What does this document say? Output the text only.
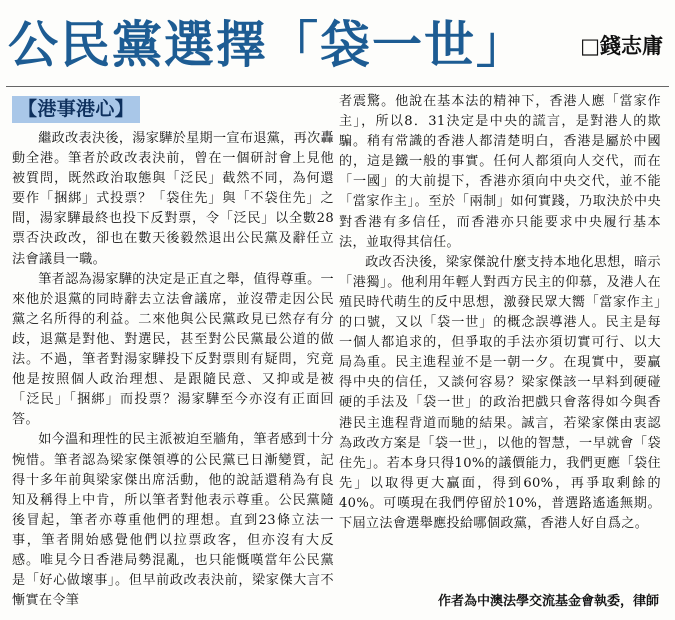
公民黨選擇「袋一世」 □錢志庸
【港事港心】

繼政改表決後，湯家驊於星期一宣布退黨，再次轟動全港。筆者於政改表決前，曾在一個研討會上見他被質問，既然政治取態與「泛民」截然不同，為何還要作「捆綁」式投票？「袋住先」與「不袋住先」之間，湯家驊最終也投下反對票，令「泛民」以全數28票否決政改，卻也在數天後毅然退出公民黨及辭任立法會議員一職。

筆者認為湯家驊的決定是正直之舉，值得尊重。一來他於退黨的同時辭去立法會議席，並沒帶走因公民黨之名所得的利益。二來他與公民黨政見已然存有分歧，退黨是對他、對選民，甚至對公民黨最公道的做法。不過，筆者對湯家驊投下反對票則有疑問，究竟他是按照個人政治理想、是跟隨民意、又抑或是被「泛民」「捆綁」而投票？湯家驊至今亦沒有正面回答。

如今溫和理性的民主派被迫至牆角，筆者感到十分惋惜。筆者認為梁家傑領導的公民黨已日漸變質，記得十多年前與梁家傑出席活動，他的說話還稍為有良知及稱得上中肯，所以筆者對他表示尊重。公民黨隨後冒起，筆者亦尊重他們的理想。直到23條立法一事，筆者開始感覺他們以拉票政客，但亦沒有大反感。唯見今日香港局勢混亂，也只能慨嘆當年公民黨是「好心做壞事」。但早前政改表決前，梁家傑大言不慚實在令筆

者震驚。他說在基本法的精神下，香港人應「當家作主」，所以8．31決定是中央的謊言，是對港人的欺騙。稍有常識的香港人都清楚明白，香港是屬於中國的，這是鐵一般的事實。任何人都須向人交代，而在「一國」的大前提下，香港亦須向中央交代，並不能「當家作主」。至於「兩制」如何實踐，乃取決於中央對香港有多信任，而香港亦只能要求中央履行基本法，並取得其信任。

政改否決後，梁家傑說什麼支持本地化思想，暗示「港獨」。他利用年輕人對西方民主的仰慕，及港人在殖民時代萌生的反中思想，激發民眾大嚮「當家作主」的口號，又以「袋一世」的概念誤導港人。民主是每一個人都追求的，但爭取的手法亦須切實可行、以大局為重。民主進程並不是一朝一夕。在現實中，要贏得中央的信任，又談何容易？梁家傑該一早料到硬碰硬的手法及「袋一世」的政治把戲只會落得如今與香港民主進程背道而馳的結果。誠言，若梁家傑由衷認為政改方案是「袋一世」，以他的智慧，一早就會「袋住先」。若本身只得10%的議價能力，我們更應「袋住先」以取得更大贏面，得到60%，再爭取剩餘的40%。可嘆現在我們停留於10%，普選路遙遙無期。下屆立法會選舉應投給哪個政黨，香港人好自爲之。

作者為中澳法學交流基金會執委，律師
